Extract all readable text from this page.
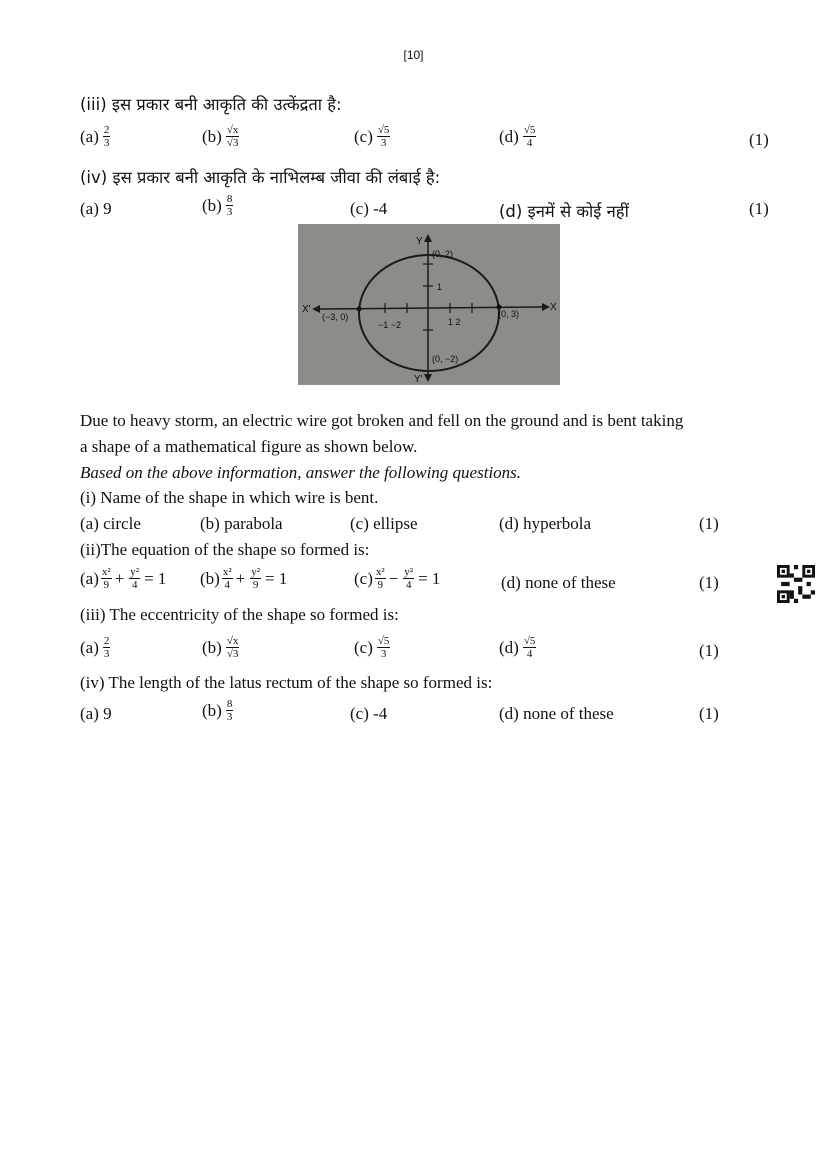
[10]
(iii) इस प्रकार बनी आकृति की उत्केंद्रता है:
$(a) \frac{2}{3}$	$(b) \frac{√x}{√3}$	$(c) \frac{√5}{3}$	$(d) \frac{√5}{4}$	(1)
(iv) इस प्रकार बनी आकृति के नाभिलम्ब जीवा की लंबाई है:
(a) 9	$(b) \frac{8}{3}$	(c) -4	(d) इनमें से कोई नहीं	(1)
Y
(0, 2)
1
X'
(−3, 0)
−1 −2	1 2
(0, 3)
X
(0, −2)
Y'
Due to heavy storm, an electric wire got broken and fell on the ground and is bent taking
a shape of a mathematical figure as shown below.
Based on the above information, answer the following questions.
(i) Name of the shape in which wire is bent.
(a) circle	(b) parabola	(c) ellipse	(d) hyperbola	(1)
(ii)The equation of the shape so formed is:
$(a) \frac{\text{x²}}{9} + \frac{\text{y²}}{4} = 1$ $(b) \frac{\text{x²}}{4} + \frac{\text{y²}}{9} = 1$	$(c) \frac{\text{x²}}{9} - \frac{\text{y²}}{4} = 1$	(d) none of these	(1)
(iii) The eccentricity of the shape so formed is:
$(a) \frac{2}{3}$	$(b) \frac{√x}{√3}$	$(c) \frac{√5}{3}$	$(d) \frac{√5}{4}$	(1)
(iv) The length of the latus rectum of the shape so formed is:
(a) 9	$(b) \frac{8}{3}$	(c) -4	(d) none of these	(1)
